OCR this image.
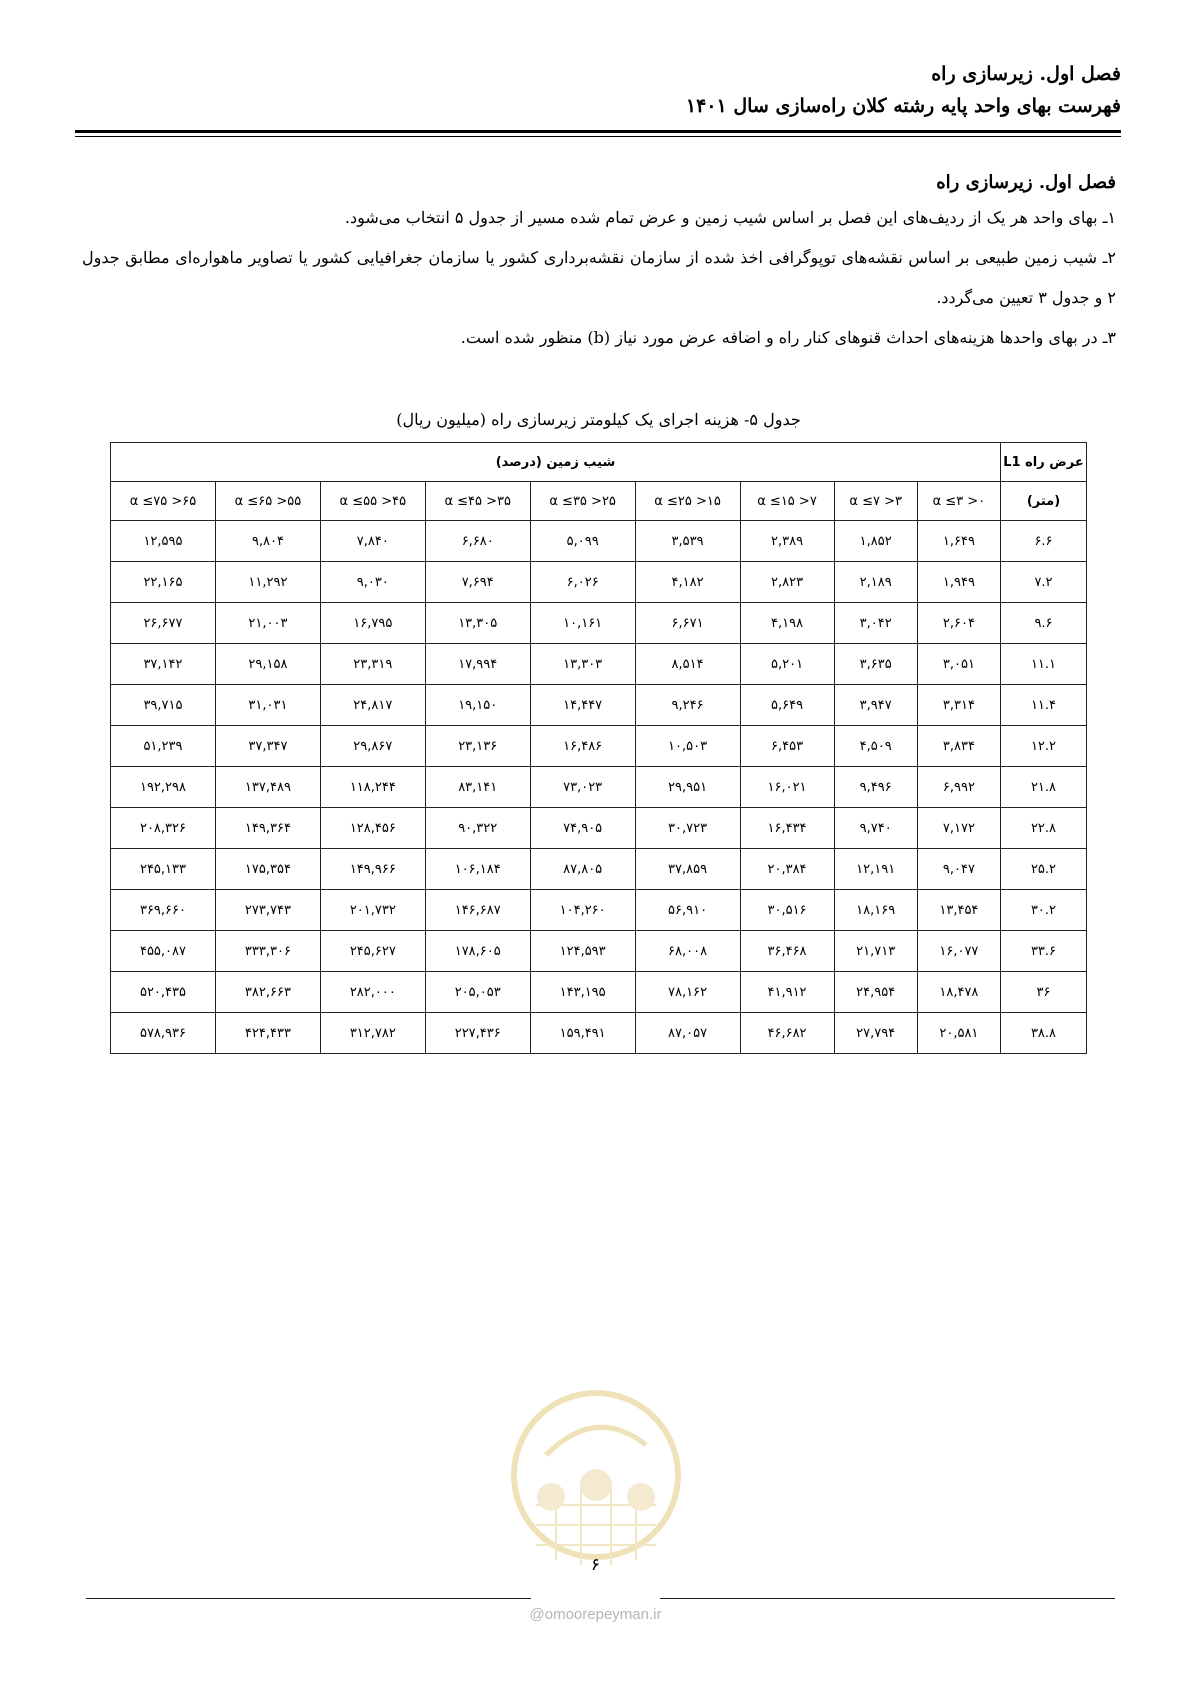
فصل اول. زیرسازی راه
فهرست بهای واحد پایه رشته کلان راه‌سازی سال ۱۴۰۱
فصل اول. زیرسازی راه

۱ـ بهای واحد هر یک از ردیف‌های این فصل بر اساس شیب زمین و عرض تمام شده مسیر از جدول ۵ انتخاب می‌شود.

۲ـ شیب زمین طبیعی بر اساس نقشه‌های توپوگرافی اخذ شده از سازمان نقشه‌برداری کشور یا سازمان جغرافیایی کشور یا تصاویر ماهواره‌ای مطابق جدول ۲ و جدول ۳ تعیین می‌گردد.

۳ـ در بهای واحدها هزینه‌های احداث قنوهای کنار راه و اضافه عرض مورد نیاز (b) منظور شده است.

جدول ۵- هزینه اجرای یک کیلومتر زیرسازی راه (میلیون ریال)
عرض راه L1	شیب زمین (درصد)								
(متر)	۰< α ≤۳	۳< α ≤۷	۷< α ≤۱۵	۱۵< α ≤۲۵	۲۵< α ≤۳۵	۳۵< α ≤۴۵	۴۵< α ≤۵۵	۵۵< α ≤۶۵	۶۵< α ≤۷۵
۶.۶	۱,۶۴۹	۱,۸۵۲	۲,۳۸۹	۳,۵۳۹	۵,۰۹۹	۶,۶۸۰	۷,۸۴۰	۹,۸۰۴	۱۲,۵۹۵
۷.۲	۱,۹۴۹	۲,۱۸۹	۲,۸۲۳	۴,۱۸۲	۶,۰۲۶	۷,۶۹۴	۹,۰۳۰	۱۱,۲۹۲	۲۲,۱۶۵
۹.۶	۲,۶۰۴	۳,۰۴۲	۴,۱۹۸	۶,۶۷۱	۱۰,۱۶۱	۱۳,۳۰۵	۱۶,۷۹۵	۲۱,۰۰۳	۲۶,۶۷۷
۱۱.۱	۳,۰۵۱	۳,۶۳۵	۵,۲۰۱	۸,۵۱۴	۱۳,۳۰۳	۱۷,۹۹۴	۲۳,۳۱۹	۲۹,۱۵۸	۳۷,۱۴۲
۱۱.۴	۳,۳۱۴	۳,۹۴۷	۵,۶۴۹	۹,۲۴۶	۱۴,۴۴۷	۱۹,۱۵۰	۲۴,۸۱۷	۳۱,۰۳۱	۳۹,۷۱۵
۱۲.۲	۳,۸۳۴	۴,۵۰۹	۶,۴۵۳	۱۰,۵۰۳	۱۶,۴۸۶	۲۳,۱۳۶	۲۹,۸۶۷	۳۷,۳۴۷	۵۱,۲۳۹
۲۱.۸	۶,۹۹۲	۹,۴۹۶	۱۶,۰۲۱	۲۹,۹۵۱	۷۳,۰۲۳	۸۳,۱۴۱	۱۱۸,۲۴۴	۱۳۷,۴۸۹	۱۹۲,۲۹۸
۲۲.۸	۷,۱۷۲	۹,۷۴۰	۱۶,۴۳۴	۳۰,۷۲۳	۷۴,۹۰۵	۹۰,۳۲۲	۱۲۸,۴۵۶	۱۴۹,۳۶۴	۲۰۸,۳۲۶
۲۵.۲	۹,۰۴۷	۱۲,۱۹۱	۲۰,۳۸۴	۳۷,۸۵۹	۸۷,۸۰۵	۱۰۶,۱۸۴	۱۴۹,۹۶۶	۱۷۵,۳۵۴	۲۴۵,۱۳۳
۳۰.۲	۱۳,۴۵۴	۱۸,۱۶۹	۳۰,۵۱۶	۵۶,۹۱۰	۱۰۴,۲۶۰	۱۴۶,۶۸۷	۲۰۱,۷۳۲	۲۷۳,۷۴۳	۳۶۹,۶۶۰
۳۳.۶	۱۶,۰۷۷	۲۱,۷۱۳	۳۶,۴۶۸	۶۸,۰۰۸	۱۲۴,۵۹۳	۱۷۸,۶۰۵	۲۴۵,۶۲۷	۳۳۳,۳۰۶	۴۵۵,۰۸۷
۳۶	۱۸,۴۷۸	۲۴,۹۵۴	۴۱,۹۱۲	۷۸,۱۶۲	۱۴۳,۱۹۵	۲۰۵,۰۵۳	۲۸۲,۰۰۰	۳۸۲,۶۶۳	۵۲۰,۴۳۵
۳۸.۸	۲۰,۵۸۱	۲۷,۷۹۴	۴۶,۶۸۲	۸۷,۰۵۷	۱۵۹,۴۹۱	۲۲۷,۴۳۶	۳۱۲,۷۸۲	۴۲۴,۴۳۳	۵۷۸,۹۳۶
۶
@omoorepeyman.ir
